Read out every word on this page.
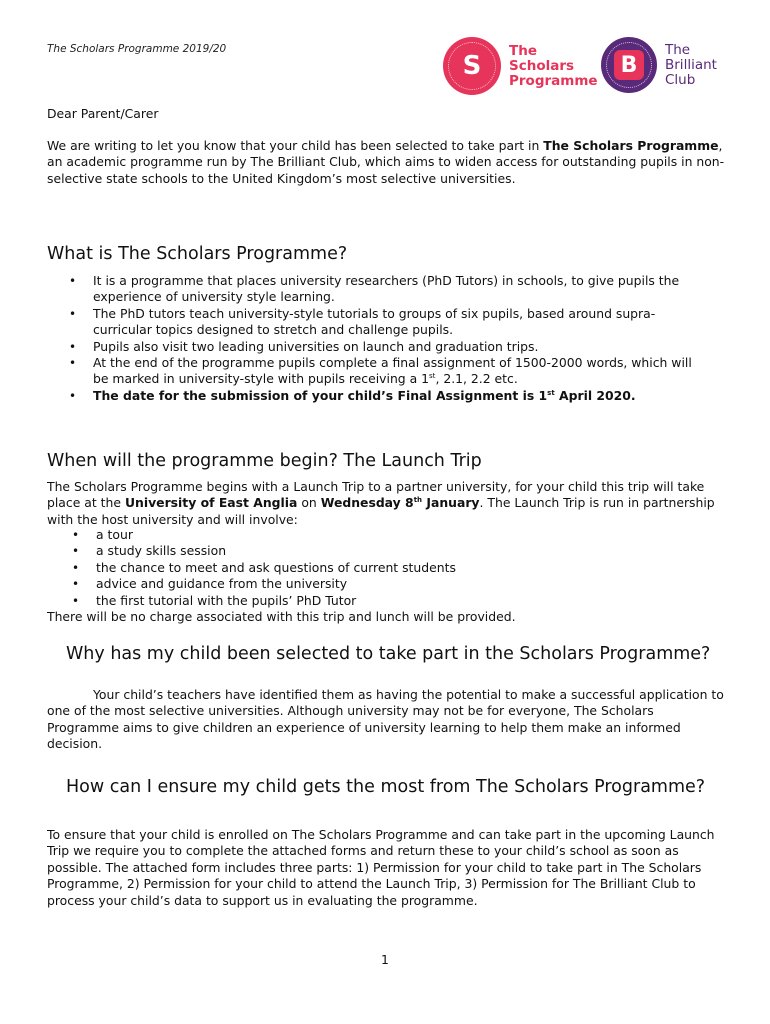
The Scholars Programme 2019/20
S
The
Scholars
Programme
B
The
Brilliant
Club
Dear Parent/Carer
We are writing to let you know that your child has been selected to take part in The Scholars Programme, an academic programme run by The Brilliant Club, which aims to widen access for outstanding pupils in non-selective state schools to the United Kingdom’s most selective universities.
What is The Scholars Programme?
• It is a programme that places university researchers (PhD Tutors) in schools, to give pupils the experience of university style learning.
• The PhD tutors teach university-style tutorials to groups of six pupils, based around supra-curricular topics designed to stretch and challenge pupils.
• Pupils also visit two leading universities on launch and graduation trips.
• At the end of the programme pupils complete a final assignment of 1500-2000 words, which will be marked in university-style with pupils receiving a 1st, 2.1, 2.2 etc.
• The date for the submission of your child’s Final Assignment is 1st April 2020.
When will the programme begin? The Launch Trip
The Scholars Programme begins with a Launch Trip to a partner university, for your child this trip will take place at the University of East Anglia on Wednesday 8th January. The Launch Trip is run in partnership with the host university and will involve:
• a tour
• a study skills session
• the chance to meet and ask questions of current students
• advice and guidance from the university
• the first tutorial with the pupils’ PhD Tutor
There will be no charge associated with this trip and lunch will be provided.
Why has my child been selected to take part in the Scholars Programme?
Your child’s teachers have identified them as having the potential to make a successful application to one of the most selective universities. Although university may not be for everyone, The Scholars Programme aims to give children an experience of university learning to help them make an informed decision.
How can I ensure my child gets the most from The Scholars Programme?
To ensure that your child is enrolled on The Scholars Programme and can take part in the upcoming Launch Trip we require you to complete the attached forms and return these to your child’s school as soon as possible. The attached form includes three parts: 1) Permission for your child to take part in The Scholars Programme, 2) Permission for your child to attend the Launch Trip, 3) Permission for The Brilliant Club to process your child’s data to support us in evaluating the programme.
1
